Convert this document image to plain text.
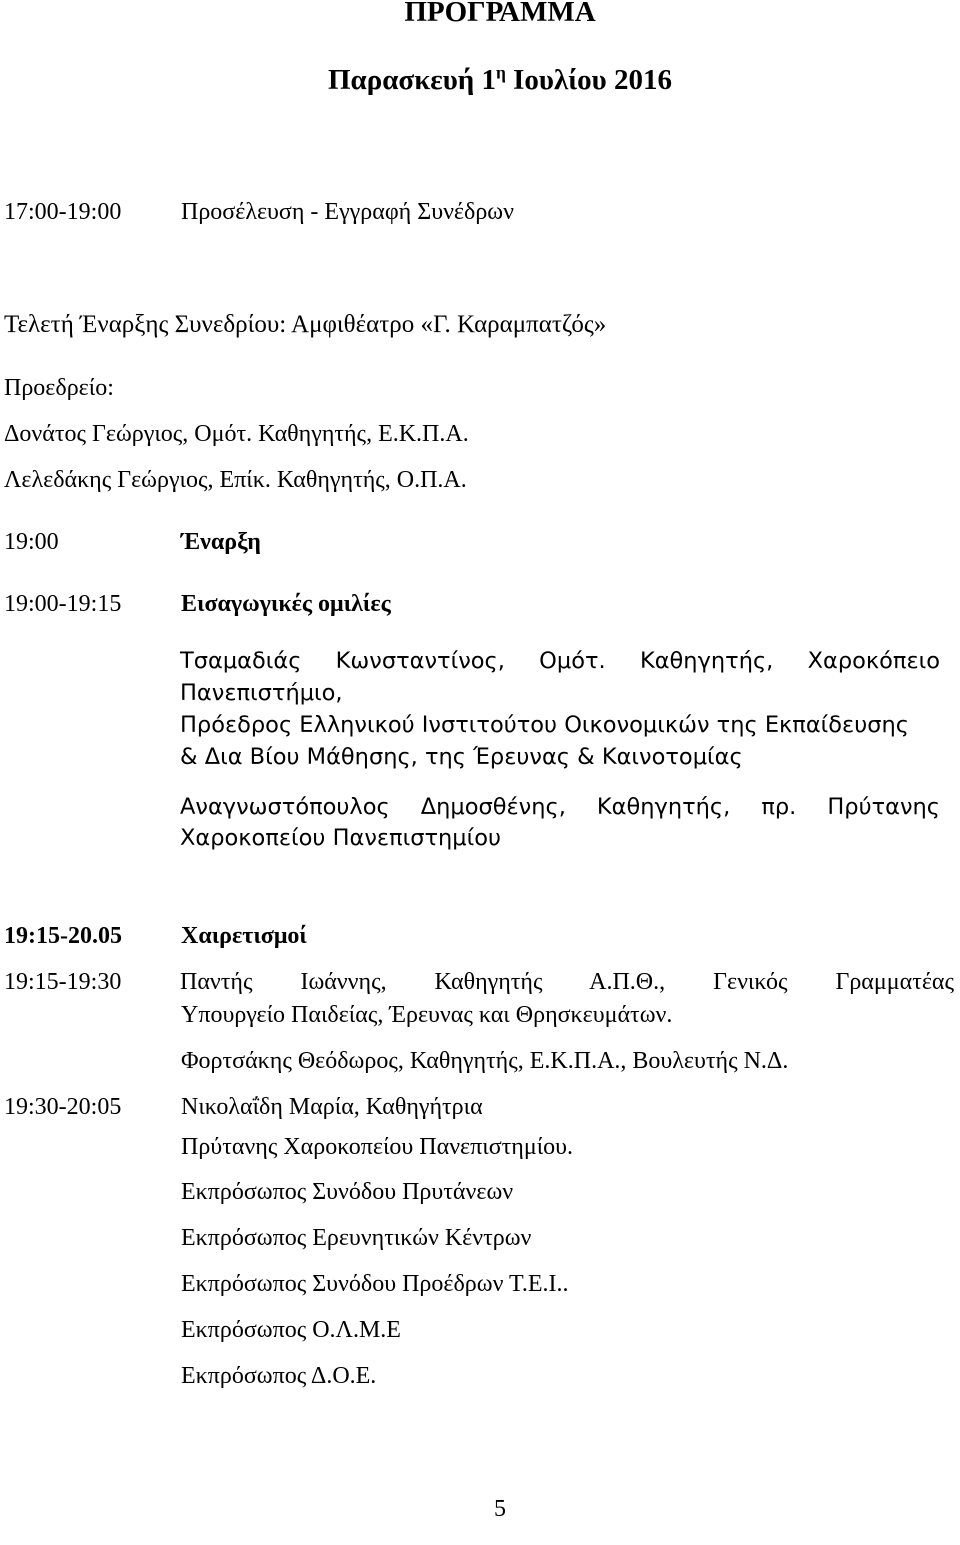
ΠΡΟΓΡΑΜΜΑ
Παρασκευή $1^\eta$ Ιουλίου 2016
17:00-19:00 Προσέλευση - Εγγραφή Συνέδρων
Τελετή Έναρξης Συνεδρίου: Αμφιθέατρο «Γ. Καραμπατζός»
Προεδρείο:
Δονάτος Γεώργιος, Ομότ. Καθηγητής, Ε.Κ.Π.Α.
Λελεδάκης Γεώργιος, Επίκ. Καθηγητής, Ο.Π.Α.
19:00	Έναρξη
19:00-19:15 Εισαγωγικές ομιλίες
Τσαμαδιάς Κωνσταντίνος, Ομότ. Καθηγητής, Χαροκόπειο
Πανεπιστήμιο,
Πρόεδρος Ελληνικού Ινστιτούτου Οικονομικών της Εκπαίδευσης
& Δια Βίου Μάθησης, της Έρευνας & Καινοτομίας
Αναγνωστόπουλος Δημοσθένης, Καθηγητής, πρ. Πρύτανης
Χαροκοπείου Πανεπιστημίου
19:15-20.05 Χαιρετισμοί
19:15-19:30 Παντής Ιωάννης, Καθηγητής Α.Π.Θ., Γενικός Γραμματέας
Υπουργείο Παιδείας, Έρευνας και Θρησκευμάτων.
Φορτσάκης Θεόδωρος, Καθηγητής, Ε.Κ.Π.Α., Βουλευτής Ν.Δ.
19:30-20:05 Νικολαΐδη Μαρία, Καθηγήτρια
Πρύτανης Χαροκοπείου Πανεπιστημίου.
Εκπρόσωπος Συνόδου Πρυτάνεων
Εκπρόσωπος Ερευνητικών Κέντρων
Εκπρόσωπος Συνόδου Προέδρων Τ.Ε.Ι..
Εκπρόσωπος Ο.Λ.Μ.Ε
Εκπρόσωπος Δ.Ο.Ε.
5
